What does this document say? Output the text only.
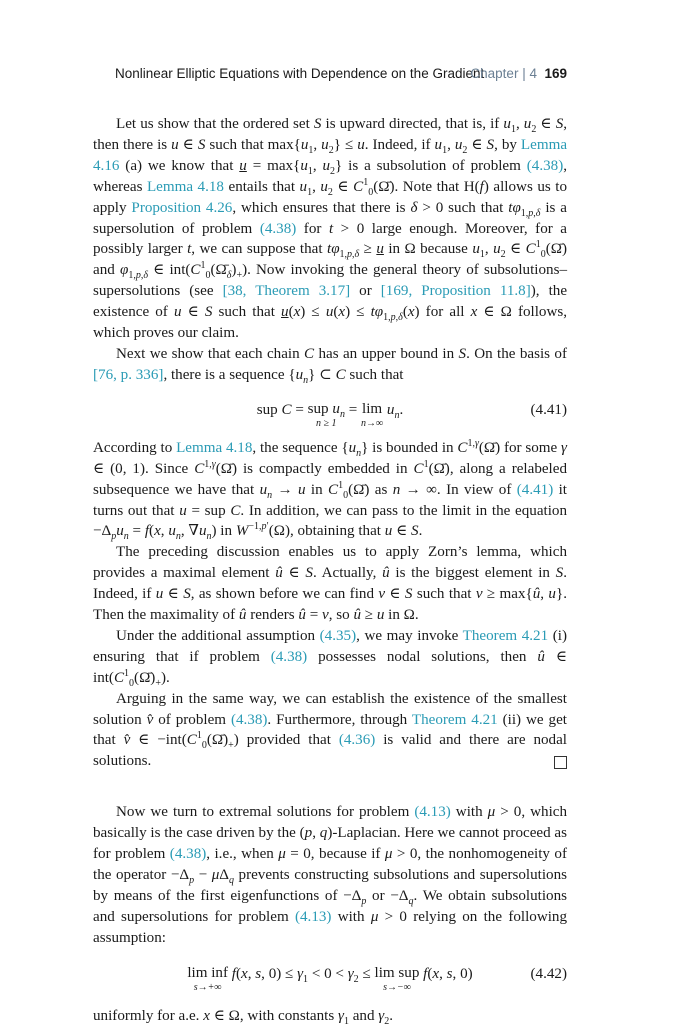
Nonlinear Elliptic Equations with Dependence on the Gradient
Chapter | 4 169

Let us show that the ordered set S is upward directed, that is, if $u_1$, $u_2$ ∈ S, then there is u ∈ S such that $\max\{u_1$, $u_2\} \le u$. Indeed, if $u_1$, $u_2$ ∈ S, by Lemma 4.16 (a) we know that $u = \max\{u_1$, $u_2$} is a subsolution of problem (4.38), whereas Lemma 4.18 entails that $u_1$, $u_2$ ∈ $C^1_0(\Omegā)$. Note that H(f) allows us to apply Proposition 4.26, which ensures that there is δ > 0 such that $t\varphi_{1,p,\delta}$ is a supersolution of problem (4.38) for t > 0 large enough. Moreover, for a possibly larger t, we can suppose that $t\varphi_{1,p,\delta} \ge u$ in Ω because $u_1$, $u_2$ ∈ $C^1_0(\Omegā)$ and $\varphi_{1,p,\delta}$ ∈ $int(C^1_0(\Omegā_\delta)_+)$. Now invoking the general theory of subsolutions–supersolutions (see [38, Theorem 3.17] or [169, Proposition 11.8]), the existence of u ∈ S such that $u(x) \le u(x) \le t\varphi_{1,p,\delta}(x)$ for all x ∈ Ω follows, which proves our claim.

Next we show that each chain C has an upper bound in S. On the basis of [76, p. 336], there is a sequence $\{u_n\}$ ⊂ C such that

sup C = sup $u_n$
n ≥ 1
= lim
n→∞
$u_n$.	(4.41)

According to Lemma 4.18, the sequence $\{u_n\}$ is bounded in $C^{1,\gamma}(\Omegā)$ for some γ ∈ (0, 1). Since $C^{1,\gamma}(\Omegā)$ is compactly embedded in $C^1(\Omegā)$, along a relabeled subsequence we have that $u_n \to u$ in $C^1_0(\Omegā)$ as n → ∞. In view of (4.41) it turns out that u = sup C. In addition, we can pass to the limit in the equation $-\Delta_pu_n = f(x$, $u_n$, $\nabla u_n$) in $W^{-1,p'}(\Omega)$, obtaining that u ∈ S.

The preceding discussion enables us to apply Zorn’s lemma, which provides a maximal element û ∈ S. Actually, û is the biggest element in S. Indeed, if u ∈ S, as shown before we can find v ∈ S such that v ≥ max{û, u}. Then the maximality of û renders û = v, so û ≥ u in Ω.

Under the additional assumption (4.35), we may invoke Theorem 4.21 (i) ensuring that if problem (4.38) possesses nodal solutions, then û ∈ $int(C^1_0(\Omegā)_+)$.

Arguing in the same way, we can establish the existence of the smallest solution v̂ of problem (4.38). Furthermore, through Theorem 4.21 (ii) we get that v̂ ∈ $-int(C^1_0(\Omegā)_+)$ provided that (4.36) is valid and there are nodal solutions.

Now we turn to extremal solutions for problem (4.13) with μ > 0, which basically is the case driven by the (p, q)-Laplacian. Here we cannot proceed as for problem (4.38), i.e., when μ = 0, because if μ > 0, the nonhomogeneity of the operator $-\Delta_p - \mu\Delta_q$ prevents constructing subsolutions and supersolutions by means of the first eigenfunctions of $-\Delta_p$ or $-\Delta_q$. We obtain subsolutions and supersolutions for problem (4.13) with μ > 0 relying on the following assumption:

lim inf
s→+∞
f(x, s, $0) \le \gamma_1 < 0 < \gamma_2 \le \lim$ sup
s→−∞
f(x, s, 0)	(4.42)

uniformly for a.e. x ∈ Ω, with constants $\gamma_1$ and $\gamma_2$.
